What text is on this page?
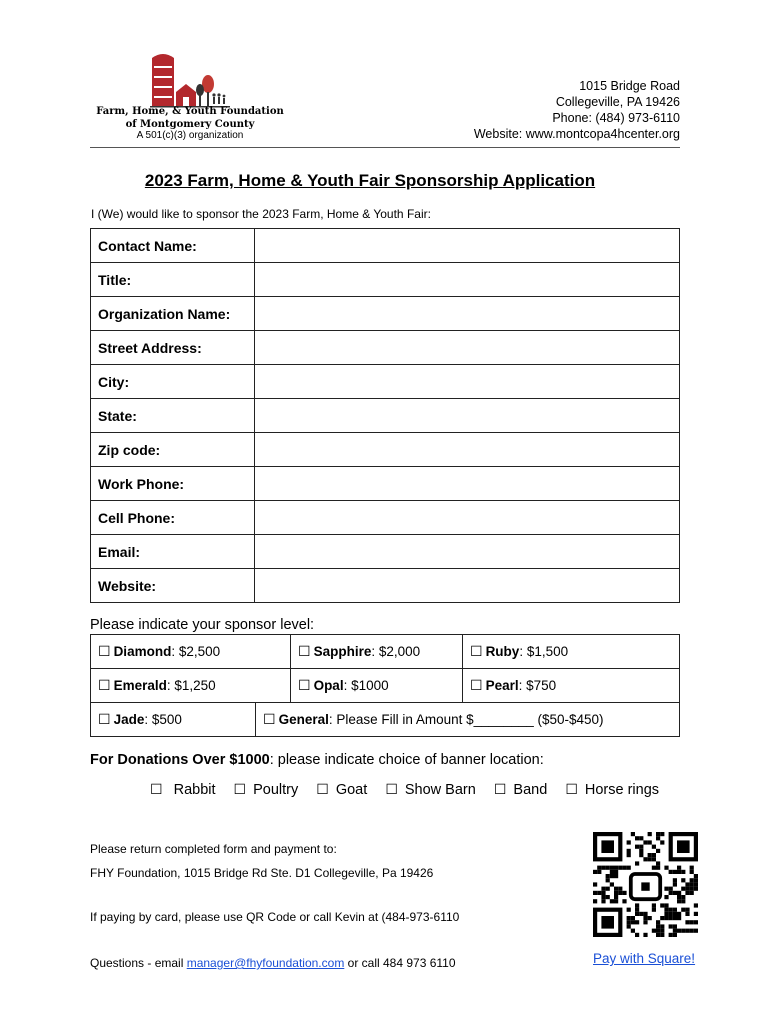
Farm, Home, & Youth Foundation
of Montgomery County
A 501(c)(3) organization
1015 Bridge Road
Collegeville, PA 19426
Phone: (484) 973-6110
Website: www.montcopa4hcenter.org
2023 Farm, Home & Youth Fair Sponsorship Application
I (We) would like to sponsor the 2023 Farm, Home & Youth Fair:
Contact Name:	
Title:	
Organization Name:	
Street Address:	
City:	
State:	
Zip code:	
Work Phone:	
Cell Phone:	
Email:	
Website:	
Please indicate your sponsor level:
☐ Diamond: $2,500	☐ Sapphire: $2,000	☐ Ruby: $1,500
☐ Emerald: $1,250	☐ Opal: $1000	☐ Pearl: $750
☐ Jade: $500	☐ General: Please Fill in Amount $________ ($50-$450)
For Donations Over $1000: please indicate choice of banner location:
☐ Rabbit ☐ Poultry ☐ Goat ☐ Show Barn ☐ Band ☐ Horse rings
Please return completed form and payment to:
FHY Foundation, 1015 Bridge Rd Ste. D1 Collegeville, Pa 19426
If paying by card, please use QR Code or call Kevin at (484-973-6110
Questions - email manager@fhyfoundation.com or call 484 973 6110	Pay with Square!
